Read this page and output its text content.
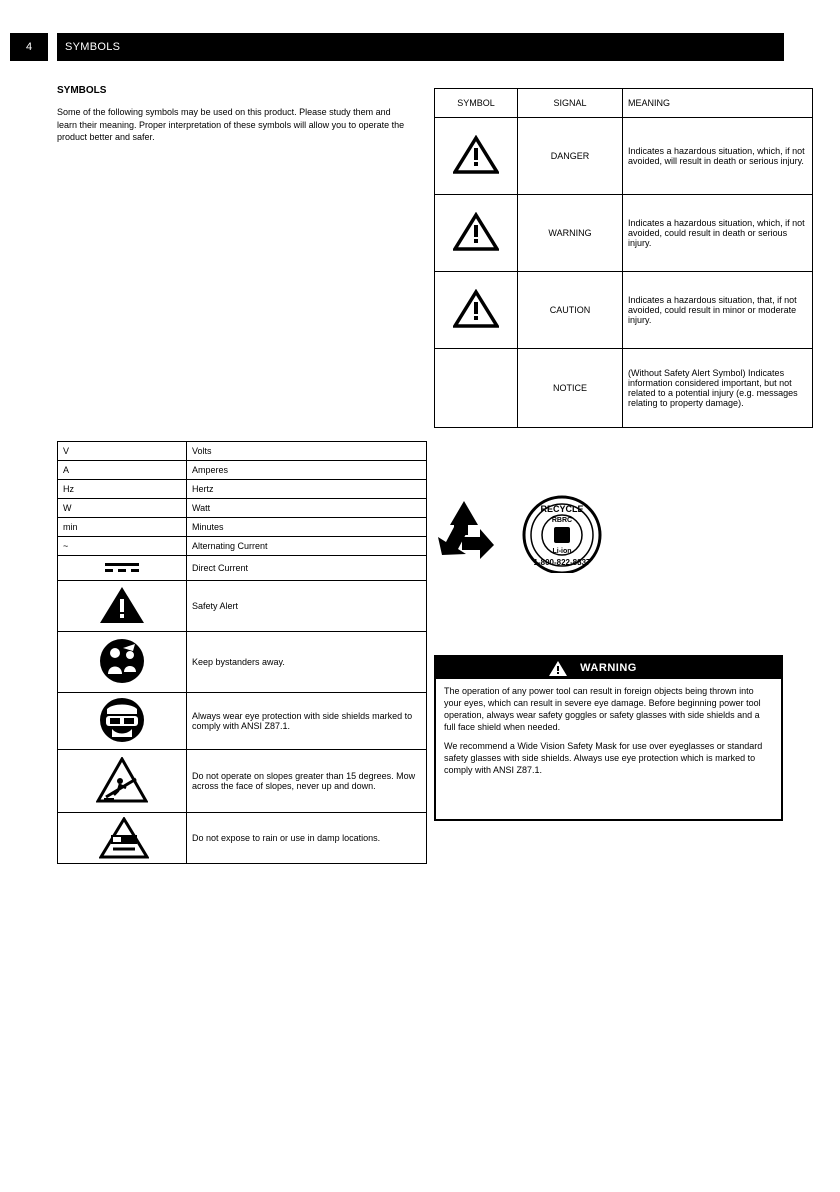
4	SYMBOLS

SYMBOLS

Some of the following symbols may be used on this product. Please study them and learn their meaning. Proper interpretation of these symbols will allow you to operate the product better and safer.

V	Volts
A	Amperes
Hz	Hertz
W	Watt
min	Minutes
~	Alternating Current

	Direct Current

	Safety Alert
	Keep bystanders away.
	Always wear eye protection with side shields marked to comply with ANSI Z87.1.

	Do not operate on slopes greater than 15 degrees. Mow across the face of slopes, never up and down.

	Do not expose to rain or use in damp locations.
SYMBOL	SIGNAL	MEANING

	DANGER	Indicates a hazardous situation, which, if not avoided, will result in death or serious injury.

	WARNING	Indicates a hazardous situation, which, if not avoided, could result in death or serious injury.

	CAUTION	Indicates a hazardous situation, that, if not avoided, could result in minor or moderate injury.
	NOTICE	(Without Safety Alert Symbol) Indicates information considered important, but not related to a potential injury (e.g. messages relating to property damage).
RECYCLE
RBRC
Li-ion
1-800-822-8837
WARNING

The operation of any power tool can result in foreign objects being thrown into your eyes, which can result in severe eye damage. Before beginning power tool operation, always wear safety goggles or safety glasses with side shields and a full face shield when needed.

We recommend a Wide Vision Safety Mask for use over eyeglasses or standard safety glasses with side shields. Always use eye protection which is marked to comply with ANSI Z87.1.
